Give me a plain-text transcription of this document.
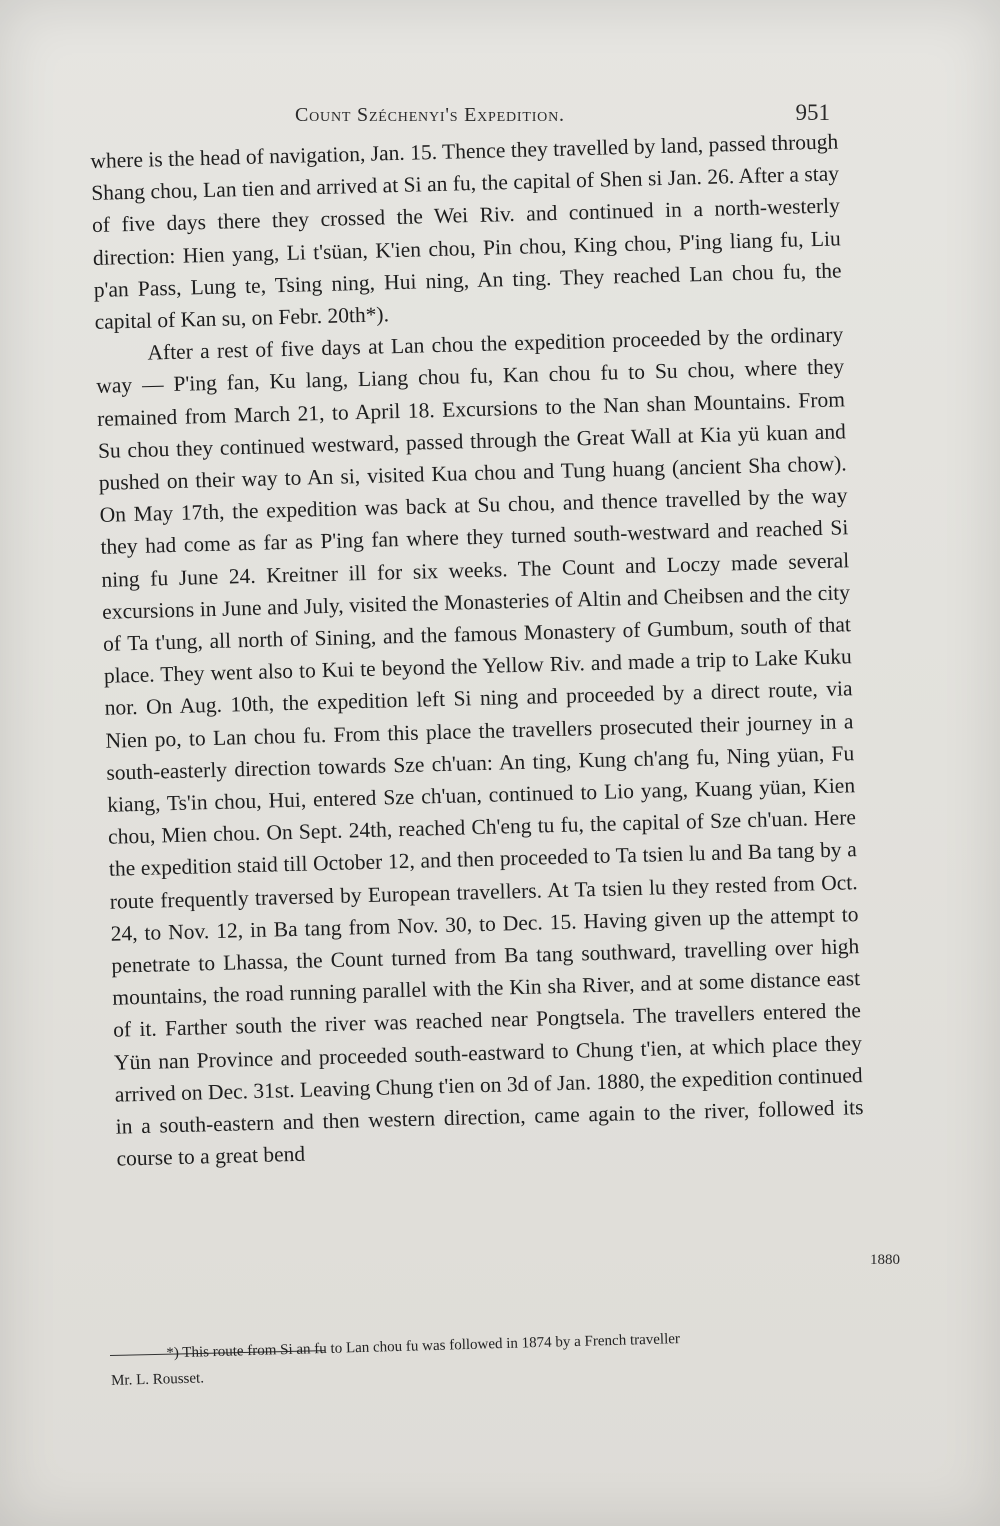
Count Széchenyi's Expedition.	951

where is the head of navigation, Jan. 15. Thence they travelled by land, passed through Shang chou, Lan tien and arrived at Si an fu, the capital of Shen si Jan. 26. After a stay of five days there they crossed the Wei Riv. and continued in a north-westerly direction: Hien yang, Li t'süan, K'ien chou, Pin chou, King chou, P'ing liang fu, Liu p'an Pass, Lung te, Tsing ning, Hui ning, An ting. They reached Lan chou fu, the capital of Kan su, on Febr. 20th*).

After a rest of five days at Lan chou the expedition proceeded by the ordinary way — P'ing fan, Ku lang, Liang chou fu, Kan chou fu to Su chou, where they remained from March 21, to April 18. Excursions to the Nan shan Mountains. From Su chou they continued westward, passed through the Great Wall at Kia yü kuan and pushed on their way to An si, visited Kua chou and Tung huang (ancient Sha chow). On May 17th, the expedition was back at Su chou, and thence travelled by the way they had come as far as P'ing fan where they turned south-westward and reached Si ning fu June 24. Kreitner ill for six weeks. The Count and Loczy made several excursions in June and July, visited the Monasteries of Altin and Cheibsen and the city of Ta t'ung, all north of Sining, and the famous Monastery of Gumbum, south of that place. They went also to Kui te beyond the Yellow Riv. and made a trip to Lake Kuku nor. On Aug. 10th, the expedition left Si ning and proceeded by a direct route, via Nien po, to Lan chou fu. From this place the travellers prosecuted their journey in a south-easterly direction towards Sze ch'uan: An ting, Kung ch'ang fu, Ning yüan, Fu kiang, Ts'in chou, Hui, entered Sze ch'uan, continued to Lio yang, Kuang yüan, Kien chou, Mien chou. On Sept. 24th, reached Ch'eng tu fu, the capital of Sze ch'uan. Here the expedition staid till October 12, and then proceeded to Ta tsien lu and Ba tang by a route frequently traversed by European travellers. At Ta tsien lu they rested from Oct. 24, to Nov. 12, in Ba tang from Nov. 30, to Dec. 15. Having given up the attempt to penetrate to Lhassa, the Count turned from Ba tang southward, travelling over high mountains, the road running parallel with the Kin sha River, and at some distance east of it. Farther south the river was reached near Pongtsela. The travellers entered the Yün nan Province and proceeded south-eastward to Chung t'ien, at which place they arrived on Dec. 31st. Leaving Chung t'ien on 3d of Jan. 1880, the expedition continued in a south-eastern and then western direction, came again to the river, followed its course to a great bend

1880

*) This route from Si an fu to Lan chou fu was followed in 1874 by a French traveller

Mr. L. Rousset.
